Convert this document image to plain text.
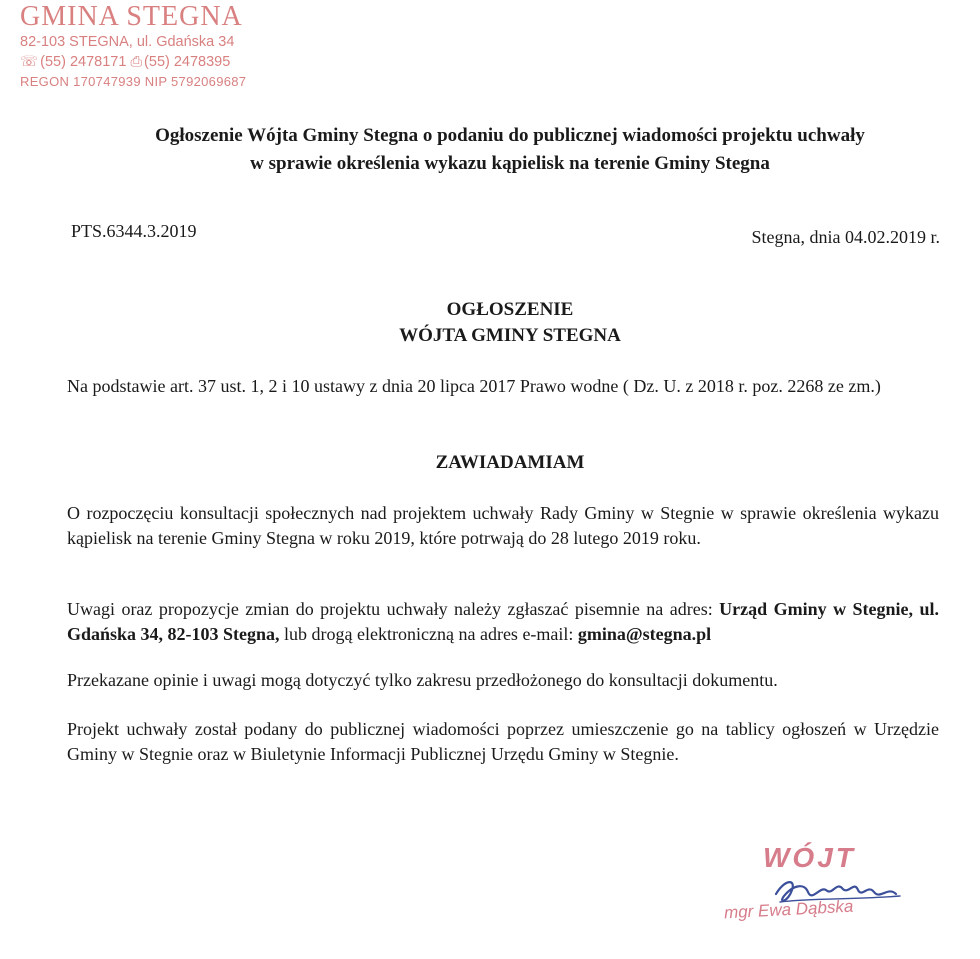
GMINA STEGNA
82-103 STEGNA, ul. Gdańska 34
☏ (55) 2478171 ⎙ (55) 2478395
REGON 170747939 NIP 5792069687
Ogłoszenie Wójta Gminy Stegna o podaniu do publicznej wiadomości projektu uchwały
w sprawie określenia wykazu kąpielisk na terenie Gminy Stegna
PTS.6344.3.2019	Stegna, dnia 04.02.2019 r.
OGŁOSZENIE
WÓJTA GMINY STEGNA
Na podstawie art. 37 ust. 1, 2 i 10 ustawy z dnia 20 lipca 2017 Prawo wodne ( Dz. U. z 2018 r. poz. 2268 ze zm.)
ZAWIADAMIAM
O rozpoczęciu konsultacji społecznych nad projektem uchwały Rady Gminy w Stegnie w sprawie określenia wykazu kąpielisk na terenie Gminy Stegna w roku 2019, które potrwają do 28 lutego 2019 roku.
Uwagi oraz propozycje zmian do projektu uchwały należy zgłaszać pisemnie na adres: Urząd Gminy w Stegnie, ul. Gdańska 34, 82-103 Stegna, lub drogą elektroniczną na adres e-mail: gmina@stegna.pl
Przekazane opinie i uwagi mogą dotyczyć tylko zakresu przedłożonego do konsultacji dokumentu.
Projekt uchwały został podany do publicznej wiadomości poprzez umieszczenie go na tablicy ogłoszeń w Urzędzie Gminy w Stegnie oraz w Biuletynie Informacji Publicznej Urzędu Gminy w Stegnie.
WÓJT
mgr Ewa Dąbska
